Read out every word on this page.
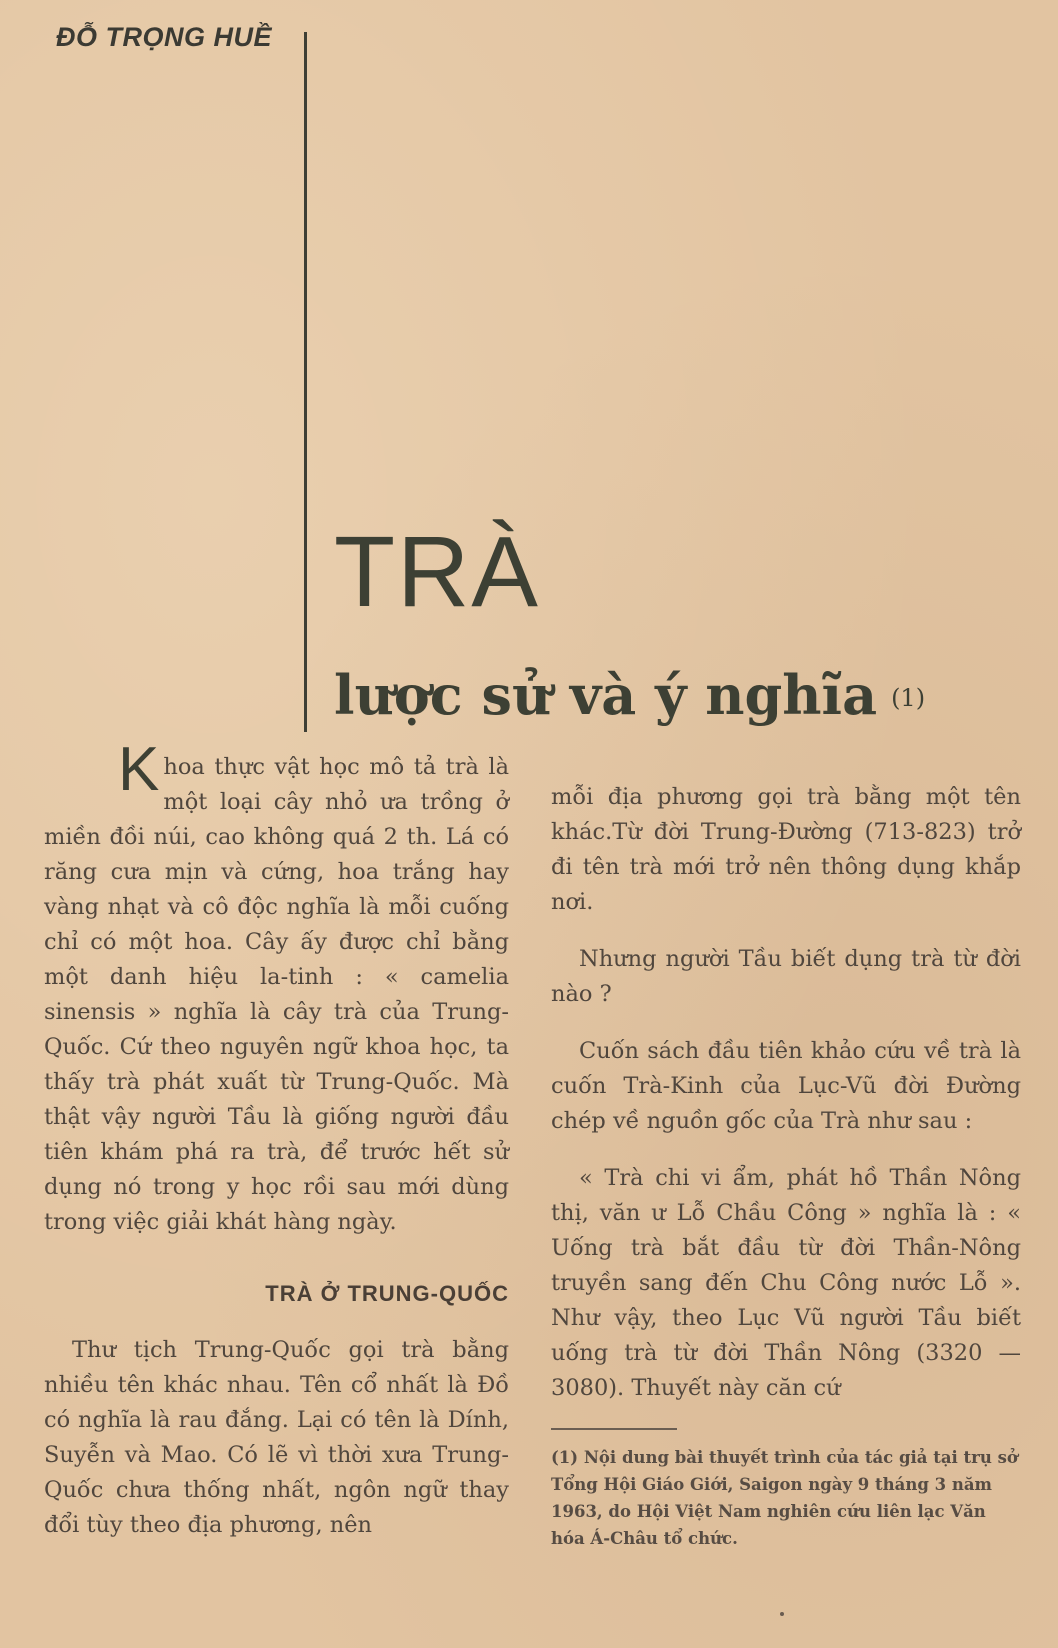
ĐỖ TRỌNG HUỀ
TRÀ
lược sử và ý nghĩa (1)

Khoa thực vật học mô tả trà là một loại cây nhỏ ưa trồng ở miền đồi núi, cao không quá 2 th. Lá có răng cưa mịn và cứng, hoa trắng hay vàng nhạt và cô độc nghĩa là mỗi cuống chỉ có một hoa. Cây ấy được chỉ bằng một danh hiệu la-tinh : « camelia sinensis » nghĩa là cây trà của Trung-Quốc. Cứ theo nguyên ngữ khoa học, ta thấy trà phát xuất từ Trung-Quốc. Mà thật vậy người Tầu là giống người đầu tiên khám phá ra trà, để trước hết sử dụng nó trong y học rồi sau mới dùng trong việc giải khát hàng ngày.

TRÀ Ở TRUNG-QUỐC

Thư tịch Trung-Quốc gọi trà bằng nhiều tên khác nhau. Tên cổ nhất là Đồ có nghĩa là rau đắng. Lại có tên là Dính, Suyễn và Mao. Có lẽ vì thời xưa Trung-Quốc chưa thống nhất, ngôn ngữ thay đổi tùy theo địa phương, nên

mỗi địa phương gọi trà bằng một tên khác.Từ đời Trung-Đường (713-823) trở đi tên trà mới trở nên thông dụng khắp nơi.

Nhưng người Tầu biết dụng trà từ đời nào ?

Cuốn sách đầu tiên khảo cứu về trà là cuốn Trà-Kinh của Lục-Vũ đời Đường chép về nguồn gốc của Trà như sau :

« Trà chi vi ẩm, phát hồ Thần Nông thị, văn ư Lỗ Chầu Công » nghĩa là : « Uống trà bắt đầu từ đời Thần-Nông truyền sang đến Chu Công nước Lỗ ». Như vậy, theo Lục Vũ người Tầu biết uống trà từ đời Thần Nông (3320 — 3080). Thuyết này căn cứ

(1) Nội dung bài thuyết trình của tác giả tại trụ sở Tổng Hội Giáo Giới, Saigon ngày 9 tháng 3 năm 1963, do Hội Việt Nam nghiên cứu liên lạc Văn hóa Á-Châu tổ chức.
